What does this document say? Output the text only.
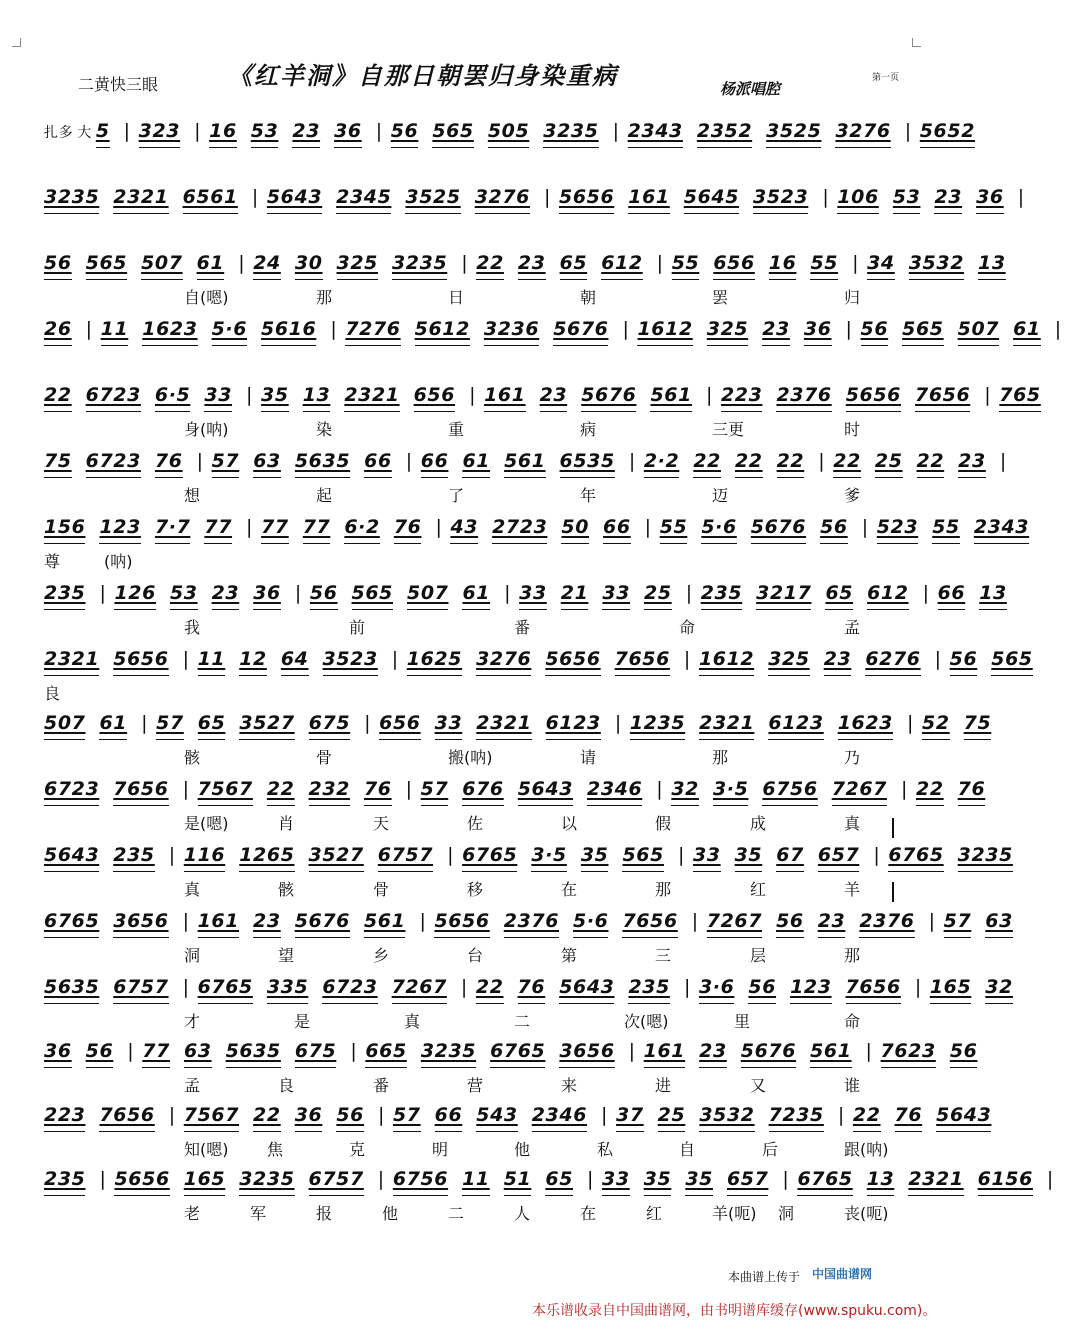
二黄快三眼	《红羊洞》自那日朝罢归身染重病	杨派唱腔
第一页
扎多 大 5 | 323 | 16 53 23 36 | 56 565 505 3235 | 2343 2352 3525 3276 | 5652
3235 2321 6561 | 5643 2345 3525 3276 | 5656 161 5645 3523 | 106 53 23 36 |
56 565 507 61 | 24 30 325 3235 | 22 23 65 612 | 55 656 16 55 | 34 3532 13
自(嗯)	那	日	朝	罢	归
26 | 11 1623 5·6 5616 | 7276 5612 3236 5676 | 1612 325 23 36 | 56 565 507 61 |
22 6723 6·5 33 | 35 13 2321 656 | 161 23 5676 561 | 223 2376 5656 7656 | 765
身(呐)	染	重	病	三更	时
75 6723 76 | 57 63 5635 66 | 66 61 561 6535 | 2·2 22 22 22 | 22 25 22 23 |
想	起	了	年	迈	爹
156 123 7·7 77 | 77 77 6·2 76 | 43 2723 50 66 | 55 5·6 5676 56 | 523 55 2343
尊	(呐)
235 | 126 53 23 36 | 56 565 507 61 | 33 21 33 25 | 235 3217 65 612 | 66 13
我	前	番	命	孟
2321 5656 | 11 12 64 3523 | 1625 3276 5656 7656 | 1612 325 23 6276 | 56 565
良
507 61 | 57 65 3527 675 | 656 33 2321 6123 | 1235 2321 6123 1623 | 52 75
骸	骨	搬(呐)	请	那	乃
6723 7656 | 7567 22 232 76 | 57 676 5643 2346 | 32 3·5 6756 7267 | 22 76
是(嗯)	肖	天	佐	以	假	成	真
5643 235 | 116 1265 3527 6757 | 6765 3·5 35 565 | 33 35 67 657 | 6765 3235
真	骸	骨	移	在	那	红	羊
6765 3656 | 161 23 5676 561 | 5656 2376 5·6 7656 | 7267 56 23 2376 | 57 63
洞	望	乡	台	第	三	层	那
5635 6757 | 6765 335 6723 7267 | 22 76 5643 235 | 3·6 56 123 7656 | 165 32
才	是	真	二	次(嗯)	里	命
36 56 | 77 63 5635 675 | 665 3235 6765 3656 | 161 23 5676 561 | 7623 56
孟	良	番	营	来	进	又	谁
223 7656 | 7567 22 36 56 | 57 66 543 2346 | 37 25 3532 7235 | 22 76 5643
知(嗯) 焦	克	明	他	私	自	后	跟(呐)
235 | 5656 165 3235 6757 | 6756 11 51 65 | 33 35 35 657 | 6765 13 2321 6156 |
老	军	报	他	二	人	在	红	羊(呃) 洞	丧(呃)
本曲谱上传于 中国曲谱网
本乐谱收录自中国曲谱网，由书明谱库缓存(www.spuku.com)。
